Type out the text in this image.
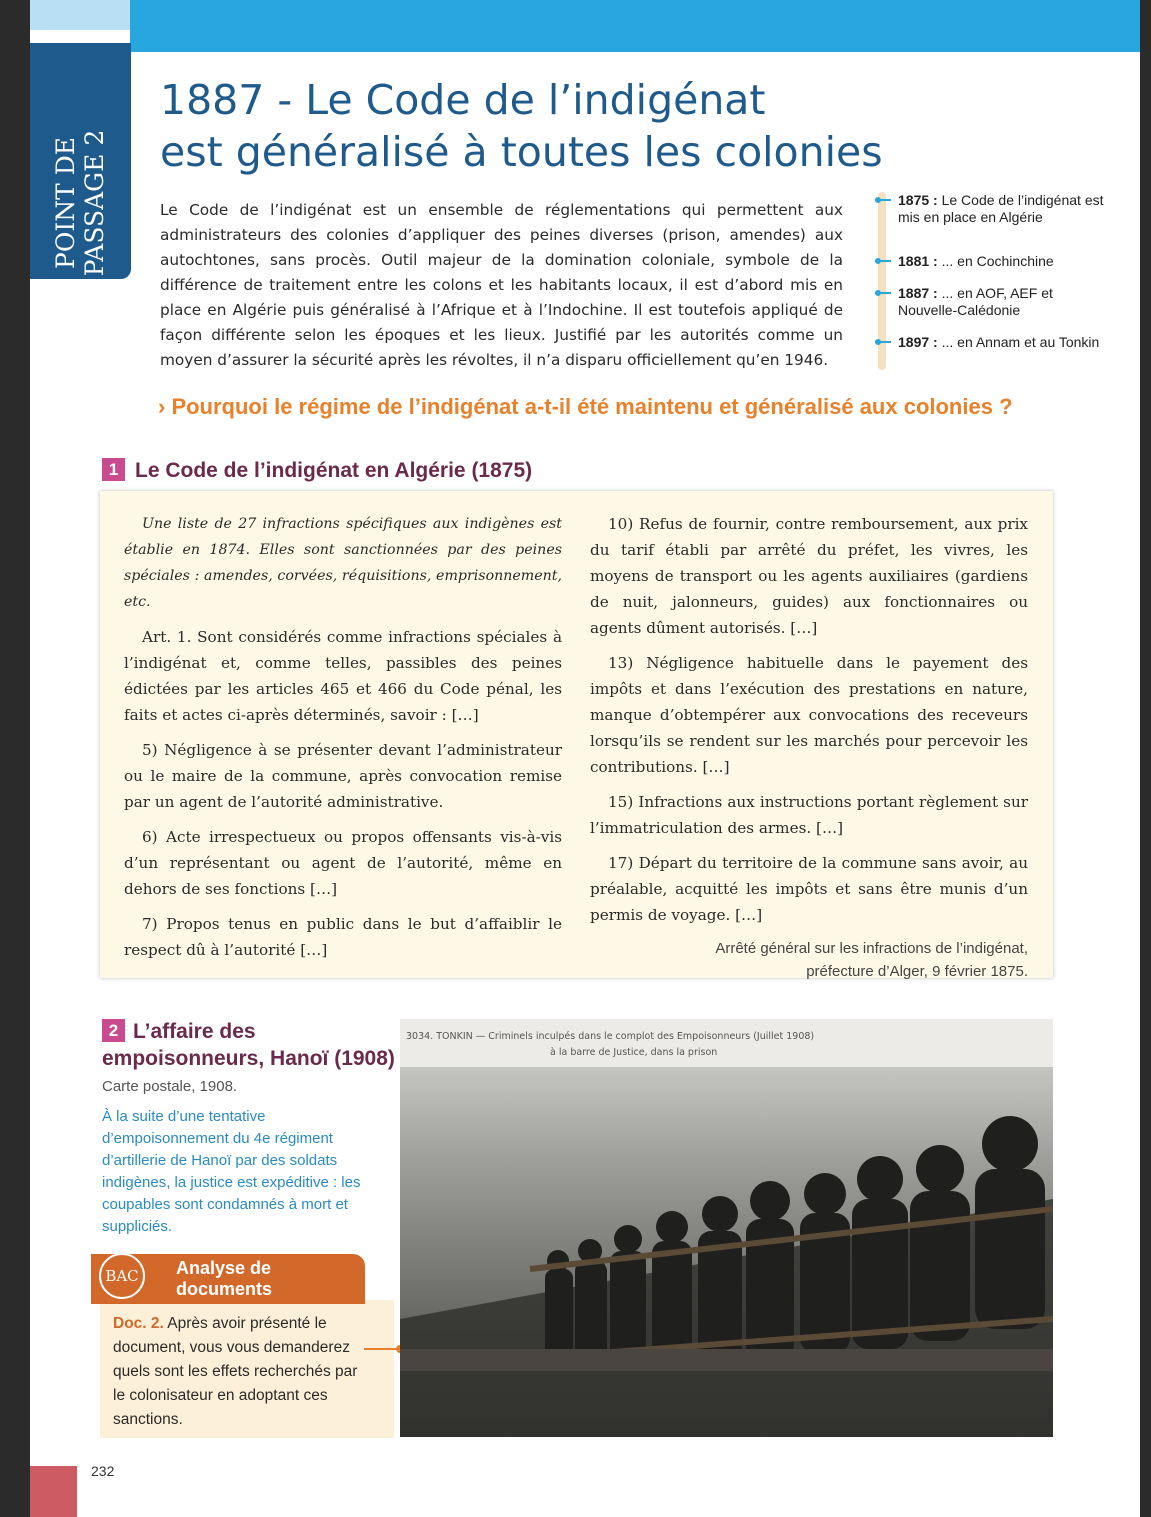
POINT DE PASSAGE 2
1887 - Le Code de l’indigénat
est généralisé à toutes les colonies

Le Code de l’indigénat est un ensemble de réglementations qui permettent aux administrateurs des colonies d’appliquer des peines diverses (prison, amendes) aux autochtones, sans procès. Outil majeur de la domination coloniale, symbole de la différence de traitement entre les colons et les habitants locaux, il est d’abord mis en place en Algérie puis généralisé à l’Afrique et à l’Indochine. Il est toutefois appliqué de façon différente selon les époques et les lieux. Justifié par les autorités comme un moyen d’assurer la sécurité après les révoltes, il n’a disparu officiellement qu’en 1946.

1875 : Le Code de l’indigénat est mis en place en Algérie
1881 : ... en Cochinchine
1887 : ... en AOF, AEF et Nouvelle-Calédonie
1897 : ... en Annam et au Tonkin
› Pourquoi le régime de l’indigénat a-t-il été maintenu et généralisé aux colonies ?
1 Le Code de l’indigénat en Algérie (1875)

Une liste de 27 infractions spécifiques aux indigènes est établie en 1874. Elles sont sanctionnées par des peines spéciales : amendes, corvées, réquisitions, emprisonnement, etc.

Art. 1. Sont considérés comme infractions spéciales à l’indigénat et, comme telles, passibles des peines édictées par les articles 465 et 466 du Code pénal, les faits et actes ci-après déterminés, savoir : […]

5) Négligence à se présenter devant l’administrateur ou le maire de la commune, après convocation remise par un agent de l’autorité administrative.

6) Acte irrespectueux ou propos offensants vis-à-vis d’un représentant ou agent de l’autorité, même en dehors de ses fonctions […]

7) Propos tenus en public dans le but d’affaiblir le respect dû à l’autorité […]

10) Refus de fournir, contre remboursement, aux prix du tarif établi par arrêté du préfet, les vivres, les moyens de transport ou les agents auxiliaires (gardiens de nuit, jalonneurs, guides) aux fonctionnaires ou agents dûment autorisés. […]

13) Négligence habituelle dans le payement des impôts et dans l’exécution des prestations en nature, manque d’obtempérer aux convocations des receveurs lorsqu’ils se rendent sur les marchés pour percevoir les contributions. […]

15) Infractions aux instructions portant règlement sur l’immatriculation des armes. […]

17) Départ du territoire de la commune sans avoir, au préalable, acquitté les impôts et sans être munis d’un permis de voyage. […]

Arrêté général sur les infractions de l’indigénat,
préfecture d’Alger, 9 février 1875.
2 L’affaire des empoisonneurs, Hanoï (1908)
Carte postale, 1908.
À la suite d’une tentative d’empoisonnement du 4e régiment d’artillerie de Hanoï par des soldats indigènes, la justice est expéditive : les coupables sont condamnés à mort et suppliciés.
BAC	Analyse de
documents
Doc. 2. Après avoir présenté le document, vous vous demanderez quels sont les effets recherchés par le colonisateur en adoptant ces sanctions.
3034. TONKIN — Criminels inculpés dans le complot des Empoisonneurs (Juillet 1908)
à la barre de Justice, dans la prison
232
